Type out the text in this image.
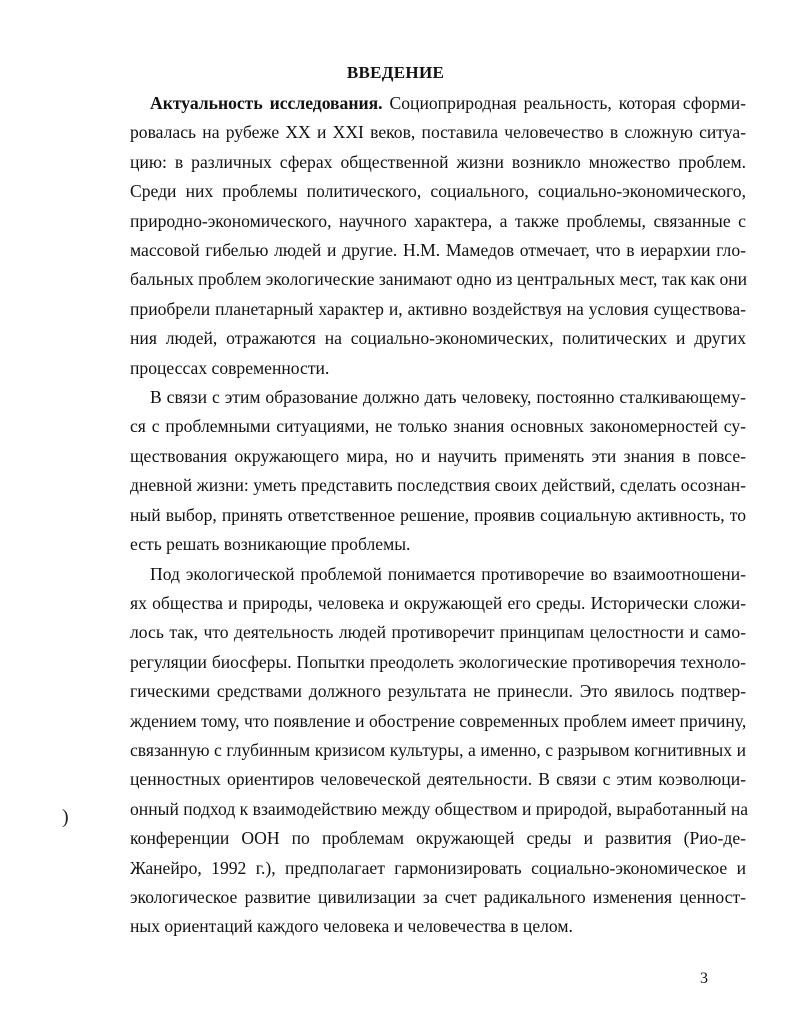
ВВЕДЕНИЕ

Актуальность исследования. Социоприродная реальность, которая сформи-
ровалась на рубеже XX и XXI веков, поставила человечество в сложную ситуа-
цию: в различных сферах общественной жизни возникло множество проблем.
Среди них проблемы политического, социального, социально-экономического,
природно-экономического, научного характера, а также проблемы, связанные с
массовой гибелью людей и другие. Н.М. Мамедов отмечает, что в иерархии гло-
бальных проблем экологические занимают одно из центральных мест, так как они
приобрели планетарный характер и, активно воздействуя на условия существова-
ния людей, отражаются на социально-экономических, политических и других
процессах современности.

В связи с этим образование должно дать человеку, постоянно сталкивающему-
ся с проблемными ситуациями, не только знания основных закономерностей су-
ществования окружающего мира, но и научить применять эти знания в повсе-
дневной жизни: уметь представить последствия своих действий, сделать осознан-
ный выбор, принять ответственное решение, проявив социальную активность, то
есть решать возникающие проблемы.

Под экологической проблемой понимается противоречие во взаимоотношени-
ях общества и природы, человека и окружающей его среды. Исторически сложи-
лось так, что деятельность людей противоречит принципам целостности и само-
регуляции биосферы. Попытки преодолеть экологические противоречия техноло-
гическими средствами должного результата не принесли. Это явилось подтвер-
ждением тому, что появление и обострение современных проблем имеет причину,
связанную с глубинным кризисом культуры, а именно, с разрывом когнитивных и
ценностных ориентиров человеческой деятельности. В связи с этим коэволюци-
онный подход к взаимодействию между обществом и природой, выработанный на
конференции ООН по проблемам окружающей среды и развития (Рио-де-
Жанейро, 1992 г.), предполагает гармонизировать социально-экономическое и
экологическое развитие цивилизации за счет радикального изменения ценност-
ных ориентаций каждого человека и человечества в целом.

)
3
